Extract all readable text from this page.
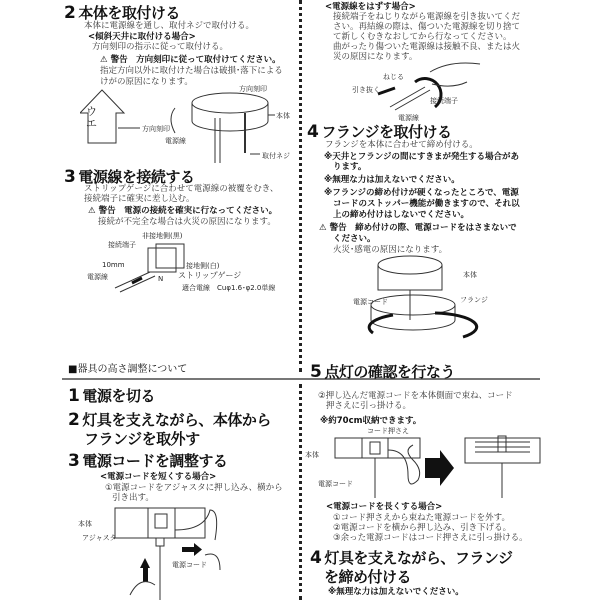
2 本体を取付ける
本体に電源線を通し、取付ネジで取付ける。
<傾斜天井に取付ける場合>
方向刻印の指示に従って取付ける。
⚠ 警告　方向刻印に従って取付けてください。
指定方向以外に取付けた場合は破損･落下による
けがの原因になります。
ウ
エ	方向刻印
方向刻印
本体
電源線
取付ネジ
3 電源線を接続する
ストリップゲージに合わせて電源線の被覆をむき、
接続端子に確実に差し込む。
⚠ 警告　電源の接続を確実に行なってください。
接続が不完全な場合は火災の原因になります。
非接地側(黒)
接続端子
10mm
電源線
接地側(白)
ストリップゲージ
N
適合電線　Cuφ1.6･φ2.0単線
<電源線をはずす場合>
接続端子をねじりながら電源線を引き抜いてくだ
さい。再結線の際は、傷ついた電源線を切り捨て
て新しくむきなおしてから行なってください。
曲がったり傷ついた電源線は接触不良、または火
災の原因になります。
ねじる
引き抜く
接続端子
電源線
4 フランジを取付ける
フランジを本体に合わせて締め付ける。
※天井とフランジの間にすきまが発生する場合があ
ります。
※無理な力は加えないでください。
※フランジの締め付けが硬くなったところで、電源
コードのストッパー機能が働きますので、それ以
上の締め付けはしないでください。
⚠ 警告　締め付けの際、電源コードをはさまないで
ください。
火災･感電の原因になります。
本体
電源コード	フランジ
■器具の高さ調整について	5 点灯の確認を行なう
1 電源を切る
2 灯具を支えながら、本体から
フランジを取外す
3 電源コードを調整する
<電源コードを短くする場合>
①電源コードをアジャスタに押し込み、横から
引き出す。
本体
アジャスタ
電源コード
②押し込んだ電源コードを本体側面で束ね、コード
押さえに引っ掛ける。
※約70cm収納できます。
コード押さえ
本体
電源コード
<電源コードを長くする場合>
①コード押さえから束ねた電源コードを外す。
②電源コードを横から押し込み、引き下げる。
③余った電源コードはコード押さえに引っ掛ける。
4 灯具を支えながら、フランジ
を締め付ける
※無理な力は加えないでください。
